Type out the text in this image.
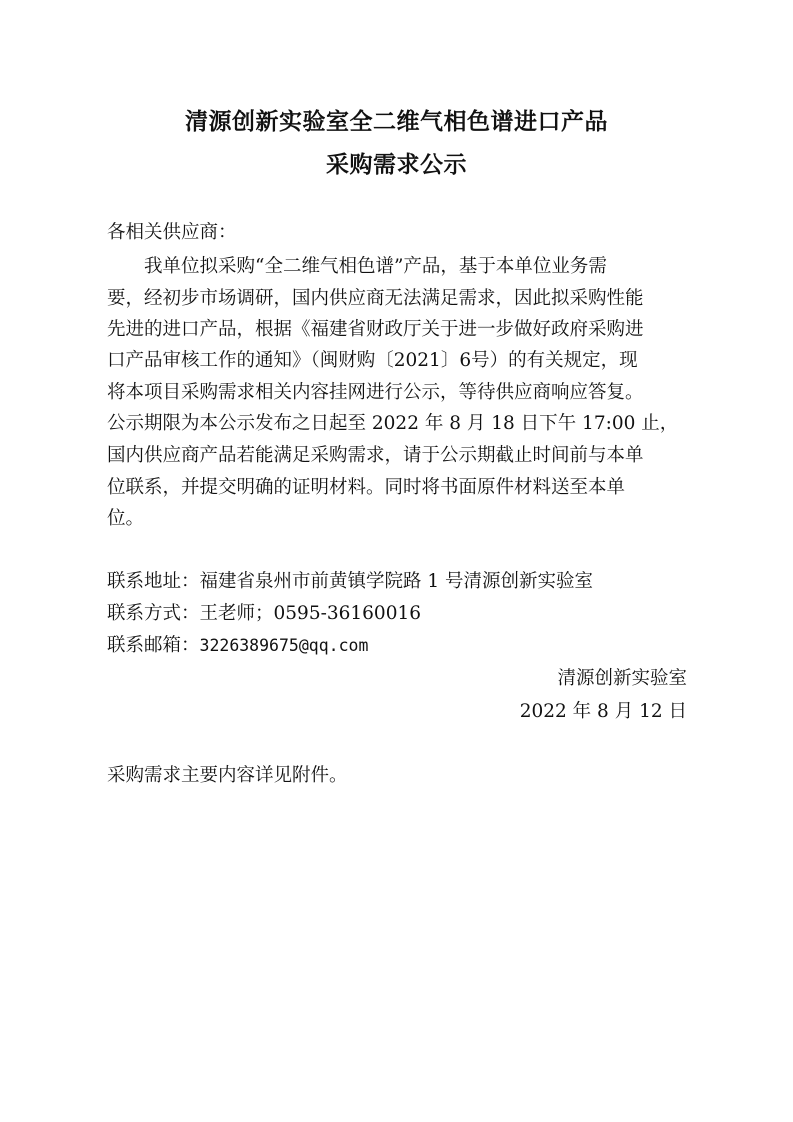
清源创新实验室全二维气相色谱进口产品
采购需求公示
各相关供应商：
我单位拟采购“全二维气相色谱”产品，基于本单位业务需
要，经初步市场调研，国内供应商无法满足需求，因此拟采购性能
先进的进口产品，根据《福建省财政厅关于进一步做好政府采购进
口产品审核工作的通知》（闽财购〔2021〕6号）的有关规定，现
将本项目采购需求相关内容挂网进行公示，等待供应商响应答复。
公示期限为本公示发布之日起至 2022 年 8 月 18 日下午 17:00 止，
国内供应商产品若能满足采购需求，请于公示期截止时间前与本单
位联系，并提交明确的证明材料。同时将书面原件材料送至本单
位。
联系地址：福建省泉州市前黄镇学院路 1 号清源创新实验室
联系方式：王老师；0595-36160016
联系邮箱：3226389675@qq.com
清源创新实验室
2022 年 8 月 12 日
采购需求主要内容详见附件。
